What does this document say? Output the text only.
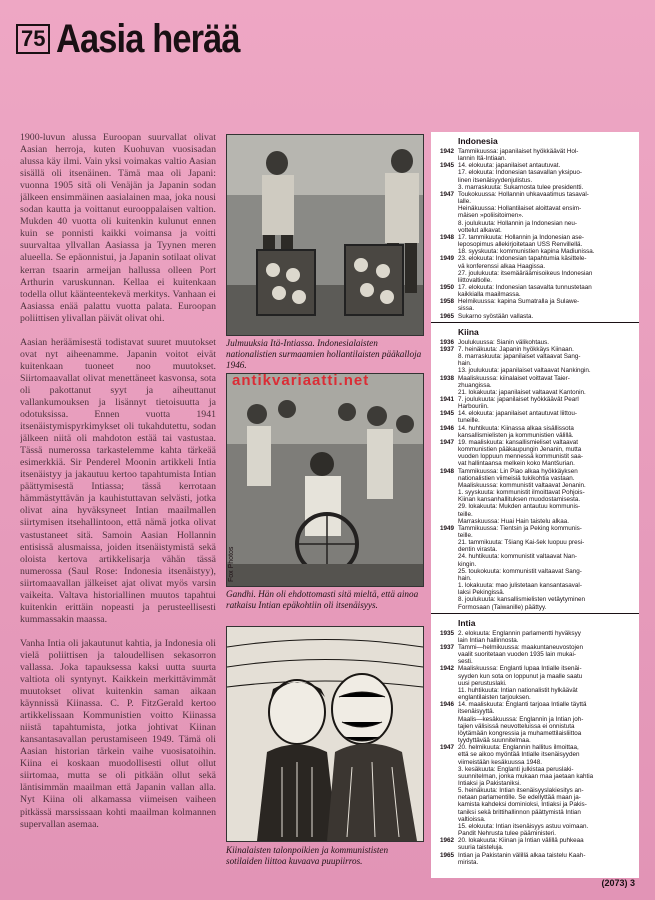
75 Aasia herää

1900-luvun alussa Euroopan suurvallat olivat Aasian herroja, kuten Kuohuvan vuosisadan alussa käy ilmi. Vain yksi voimakas valtio Aasian sisällä oli itsenäinen. Tämä maa oli Japani: vuonna 1905 sitä oli Venäjän ja Japanin sodan jälkeen ensimmäinen aasialainen maa, joka nousi sodan kautta ja voittanut eurooppalaisen valtion. Mukden 40 vuotta oli kuitenkin kulunut ennen kuin se ponnisti kaikki voimansa ja voitti suurvaltaa yllvallan Aasiassa ja Tyynen meren alueella. Se epäonnistui, ja Japanin sotilaat olivat kerran tsaarin armeijan hallussa olleen Port Arthurin varuskunnan. Kellaa ei kuitenkaan todella ollut käänteentekevä merkitys. Vanhaan ei Aasiassa enää palattu vuotta palata. Euroopan poliittisen ylivallan päivät olivat ohi.

Aasian heräämisestä todistavat suuret muutokset ovat nyt aiheenamme. Japanin voitot eivät kuitenkaan tuoneet noo muutokset. Siirtomaavallat olivat menettäneet kasvonsa, sota oli pakottanut syyt ja aiheuttanut vallankumouksen ja lisännyt tietoisuutta ja odotuksissa. Ennen vuotta 1941 itsenäistymispyrkimykset oli tukahdutettu, sodan jälkeen niitä oli mahdoton estää tai vastustaa. Tässä numerossa tarkastelemme kahta tärkeää esimerkkiä. Sir Penderel Moonin artikkeli Intia itsenäistyy ja jakautuu kertoo tapahtumista Intian päättymisestä Intiassa; tässä kerrotaan hämmästyttävän ja kauhistuttavan selvästi, jotka olivat aina hyväksyneet Intian maailmallen siirtymisen itsehallintoon, että nämä jotka olivat vastustaneet sitä. Samoin Aasian Hollannin entisissä alusmaissa, joiden itsenäistymistä sekä oloista kertova artikkelisarja vähän tässä numerossa (Saul Rose: Indonesia itsenäistyy), siirtomaavallan jälkeiset ajat olivat myös varsin vaikeita. Valtava historiallinen muutos tapahtui kuitenkin erittäin nopeasti ja perusteellisesti kummassakin maassa.

Vanha Intia oli jakautunut kahtia, ja Indonesia oli vielä poliittisen ja taloudellisen sekasorron vallassa. Joka tapauksessa kaksi uutta suurta valtiota oli syntynyt. Kaikkein merkittävimmät muutokset olivat kuitenkin saman aikaan käynnissä Kiinassa. C. P. FitzGerald kertoo artikkelissaan Kommunistien voitto Kiinassa niistä tapahtumista, jotka johtivat Kiinan kansantasavallan perustamiseen 1949. Tämä oli Aasian historian tärkein vaihe vuosisatoihin. Kiina ei koskaan muodollisesti ollut ollut siirtomaa, mutta se oli pitkään ollut sekä läntisimmän maailman että Japanin vallan alla. Nyt Kiina oli alkamassa viimeisen vaiheen pitkässä marssissaan kohti maailman kolmannen supervallan asemaa.

Julmuuksia Itä-Intiassa. Indonesialaisten nationalistien surmaamien hollantilaisten pääkalloja 1946.
Fox Photos
Gandhi. Hän oli ehdottomasti sitä mieltä, että ainoa ratkaisu Intian epäkohtiin oli itsenäisyys.
Kiinalaisten talonpoikien ja kommunististen sotilaiden liittoa kuvaava puupiirros.
antikvariaatti.net
Indonesia
1942 Tammikuussa: japanilaiset hyökkäävät Hol-
lannin Itä-Intiaan.
1945 14. elokuuta: japanilaiset antautuvat.
17. elokuuta: Indonesian tasavallan yksipuo-
linen itsenäisyydenjulistus.
3. marraskuuta: Sukarnosta tulee presidentti.
1947 Toukokuussa: Hollannin uhkavaatimus tasaval-
lalle.
Heinäkuussa: Hollantilaiset aloittavat ensim-
mäisen »poliisitoimen».
8. joulukuuta: Hollannin ja Indonesian neu-
vottelut alkavat.
1948 17. tammikuuta: Hollannin ja Indonesian ase-
leposopimus allekirjoitetaan USS Renvillellä.
18. syyskuuta: kommunistien kapina Madiunissa.
1949 23. elokuuta: Indonesian tapahtumia käsittele-
vä konferenssi alkaa Haagissa.
27. joulukuuta: itsemääräämisoikeus Indonesian
liittovaltiolle.
1950 17. elokuuta: Indonesian tasavalta tunnustetaan
kaikkialla maailmassa.
1958 Helmikuussa: kapina Sumatralla ja Sulawe-
sissa.
1965 Sukarno syöstään vallasta.
Kiina
1936 Joulukuussa: Sianin välikohtaus.
1937 7. heinäkuuta: Japanin hyökkäys Kiinaan.
8. marraskuuta: japanilaiset valtaavat Sang-
hain.
13. joulukuuta: japanilaiset valtaavat Nankingin.
1938 Maaliskuussa: kiinalaiset voittavat Taier-
zhuangissa.
21. lokakuuta: japanilaiset valtaavat Kantonin.
1941 7. joulukuuta: japanilaiset hyökkäävät Pearl
Harbouriin.
1945 14. elokuuta: japanilaiset antautuvat liittou-
tuneille.
1946 14. huhtikuuta: Kiinassa alkaa sisällissota
kansallismielisten ja kommunistien välillä.
1947 19. maaliskuuta: kansallismieliset valtaavat
kommunistien pääkaupungin Jenanin, mutta
vuoden loppuun mennessä kommunistit saa-
vat hallintaansa melkein koko Mantšurian.
1948 Tammikuussa: Lin Piao alkaa hyökkäyksen
nationalistien viimeisiä tukikohtia vastaan.
Maaliskuussa: kommunistit valtaavat Jenanin.
1. syyskuuta: kommunistit ilmoittavat Pohjois-
Kiinan kansanhallituksen muodostamisesta.
29. lokakuuta: Mukden antautuu kommunis-
teille.
Marraskuussa: Huai Hain taistelu alkaa.
1949 Tammikuussa: Tientsin ja Peking kommunis-
teille.
21. tammikuuta: Tšiang Kai-šek luopuu presi-
dentin virasta.
24. huhtikuuta: kommunistit valtaavat Nan-
kingin.
25. toukokuuta: kommunistit valtaavat Sang-
hain.
1. lokakuuta: mao julistetaan kansantasaval-
laksi Pekingissä.
8. joulukuuta: kansallismielisten vetäytyminen
Formosaan (Taiwanille) päättyy.
Intia
1935 2. elokuuta: Englannin parlamentti hyväksyy
lain Intian hallinnosta.
1937 Tammi—helmikuussa: maakuntaneuvostojen
vaalit suoritetaan vuoden 1935 lain mukai-
sesti.
1942 Maaliskuussa: Englanti lupaa Intialle itsenäi-
syyden kun sota on loppunut ja maalle saatu
uusi perustuslaki.
11. huhtikuuta: Intian nationalistit hylkäävät
englantilaisten tarjouksen.
1946 14. maaliskuuta: Englanti tarjoaa Intialle täyttä
itsenäisyyttä.
Maalis—kesäkuussa: Englannin ja Intian joh-
tajien välisissä neuvotteluissa ei onnistuta
löytämään kongressia ja muhamettilaisliittoa
tyydyttävää suunnitelmaa.
1947 20. helmikuuta: Englannin hallitus ilmoittaa,
että se aikoo myöntää Intialle itsenäisyyden
viimeistään kesäkuussa 1948.
3. kesäkuuta: Englanti julkistaa peruslaki-
suunnitelman, jonka mukaan maa jaetaan kahtia
Intiaksi ja Pakistaniksi.
5. heinäkuuta: Intian itsenäisyyslakiesitys an-
netaan parlamentille. Se edellyttää maan ja-
kamista kahdeksi dominioksi, Intiaksi ja Pakis-
taniksi sekä brittihallinnon päättymistä Intian
valtioissa.
15. elokuuta: Intian itsenäisyys astuu voimaan.
Pandit Nehrusta tulee pääministeri.
1962 20. lokakuuta: Kiinan ja Intian välillä puhkeaa
suuria taisteluja.
1965 Intian ja Pakistanin välillä alkaa taistelu Kaah-
mirista.
(2073) 3
